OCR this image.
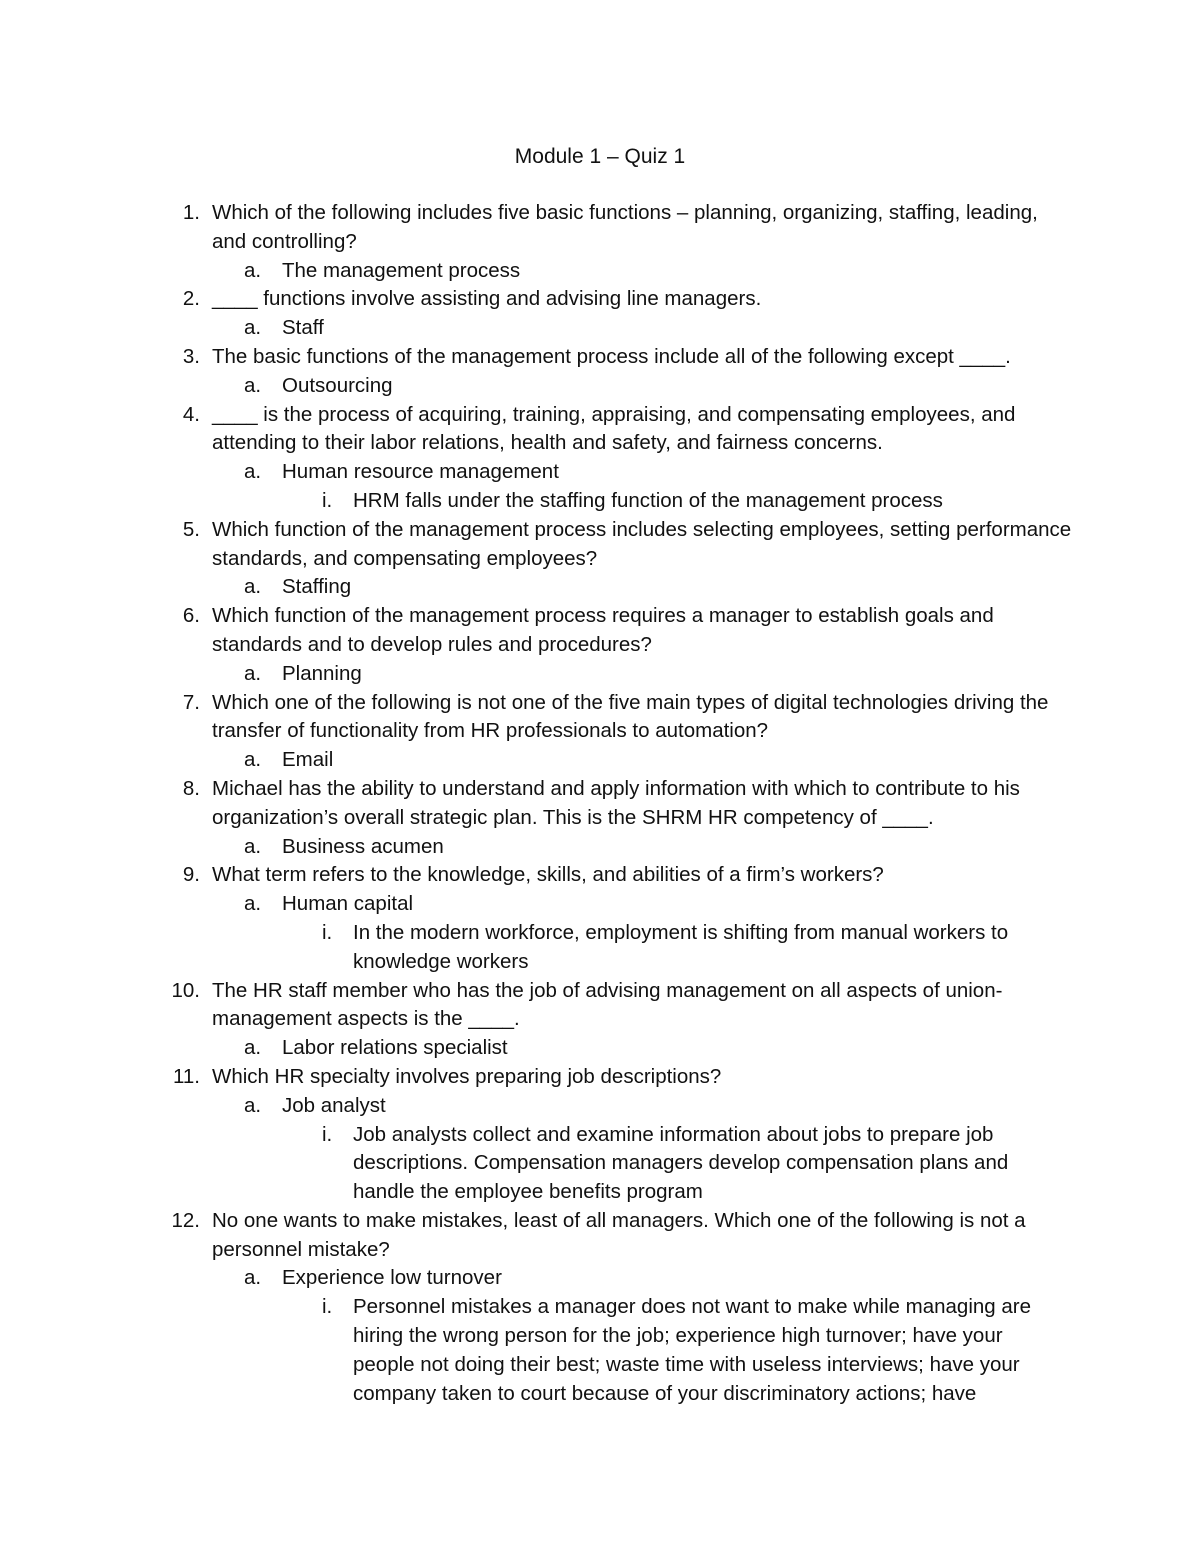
Module 1 – Quiz 1
1. Which of the following includes five basic functions – planning, organizing, staffing, leading, and controlling?
a. The management process
2. ____ functions involve assisting and advising line managers.
a. Staff
3. The basic functions of the management process include all of the following except ____.
a. Outsourcing
4. ____ is the process of acquiring, training, appraising, and compensating employees, and attending to their labor relations, health and safety, and fairness concerns.
a. Human resource management
i. HRM falls under the staffing function of the management process
5. Which function of the management process includes selecting employees, setting performance standards, and compensating employees?
a. Staffing
6. Which function of the management process requires a manager to establish goals and standards and to develop rules and procedures?
a. Planning
7. Which one of the following is not one of the five main types of digital technologies driving the transfer of functionality from HR professionals to automation?
a. Email
8. Michael has the ability to understand and apply information with which to contribute to his organization’s overall strategic plan. This is the SHRM HR competency of ____.
a. Business acumen
9. What term refers to the knowledge, skills, and abilities of a firm’s workers?
a. Human capital
i. In the modern workforce, employment is shifting from manual workers to knowledge workers
10. The HR staff member who has the job of advising management on all aspects of union-management aspects is the ____.
a. Labor relations specialist
11. Which HR specialty involves preparing job descriptions?
a. Job analyst
i. Job analysts collect and examine information about jobs to prepare job descriptions. Compensation managers develop compensation plans and handle the employee benefits program
12. No one wants to make mistakes, least of all managers. Which one of the following is not a personnel mistake?
a. Experience low turnover
i. Personnel mistakes a manager does not want to make while managing are hiring the wrong person for the job; experience high turnover; have your people not doing their best; waste time with useless interviews; have your company taken to court because of your discriminatory actions; have
